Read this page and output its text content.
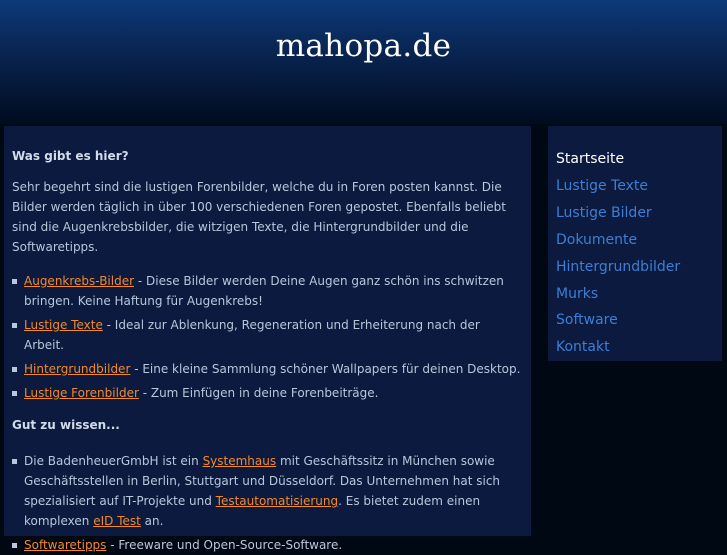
mahopa.de
Was gibt es hier?

Sehr begehrt sind die lustigen Forenbilder, welche du in Foren posten kannst. Die Bilder werden täglich in über 100 verschiedenen Foren gepostet. Ebenfalls beliebt sind die Augenkrebsbilder, die witzigen Texte, die Hintergrundbilder und die Softwaretipps.

Augenkrebs-Bilder - Diese Bilder werden Deine Augen ganz schön ins schwitzen bringen. Keine Haftung für Augenkrebs!
Lustige Texte - Ideal zur Ablenkung, Regeneration und Erheiterung nach der Arbeit.
Hintergrundbilder - Eine kleine Sammlung schöner Wallpapers für deinen Desktop.
Lustige Forenbilder - Zum Einfügen in deine Forenbeiträge.
Gut zu wissen...
Die BadenheuerGmbH ist ein Systemhaus mit Geschäftssitz in München sowie Geschäftsstellen in Berlin, Stuttgart und Düsseldorf. Das Unternehmen hat sich spezialisiert auf IT-Projekte und Testautomatisierung. Es bietet zudem einen komplexen eID Test an.
Softwaretipps - Freeware und Open-Source-Software.
Startseite
Lustige Texte
Lustige Bilder
Dokumente
Hintergrundbilder
Murks
Software
Kontakt
